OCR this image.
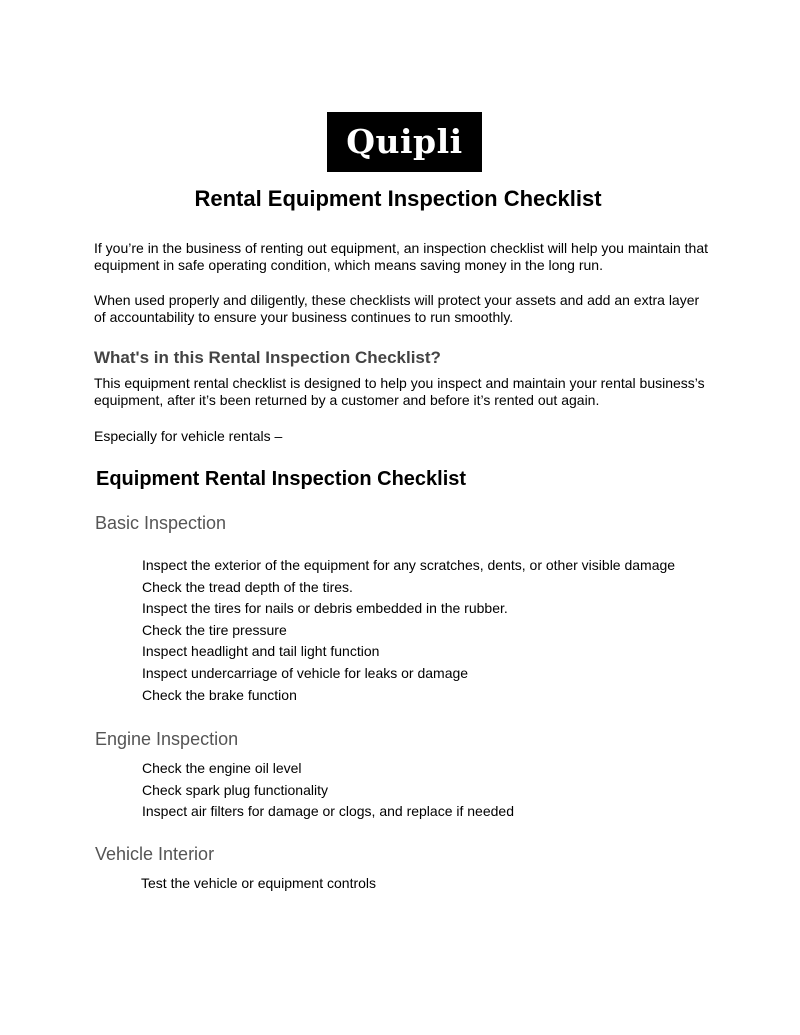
Quipli
Rental Equipment Inspection Checklist

If you’re in the business of renting out equipment, an inspection checklist will help you maintain that equipment in safe operating condition, which means saving money in the long run.

When used properly and diligently, these checklists will protect your assets and add an extra layer of accountability to ensure your business continues to run smoothly.

What's in this Rental Inspection Checklist?

This equipment rental checklist is designed to help you inspect and maintain your rental business’s equipment, after it’s been returned by a customer and before it’s rented out again.

Especially for vehicle rentals –

Equipment Rental Inspection Checklist
Basic Inspection
Inspect the exterior of the equipment for any scratches, dents, or other visible damage
Check the tread depth of the tires.
Inspect the tires for nails or debris embedded in the rubber.
Check the tire pressure
Inspect headlight and tail light function
Inspect undercarriage of vehicle for leaks or damage
Check the brake function
Engine Inspection
Check the engine oil level
Check spark plug functionality
Inspect air filters for damage or clogs, and replace if needed
Vehicle Interior
Test the vehicle or equipment controls
